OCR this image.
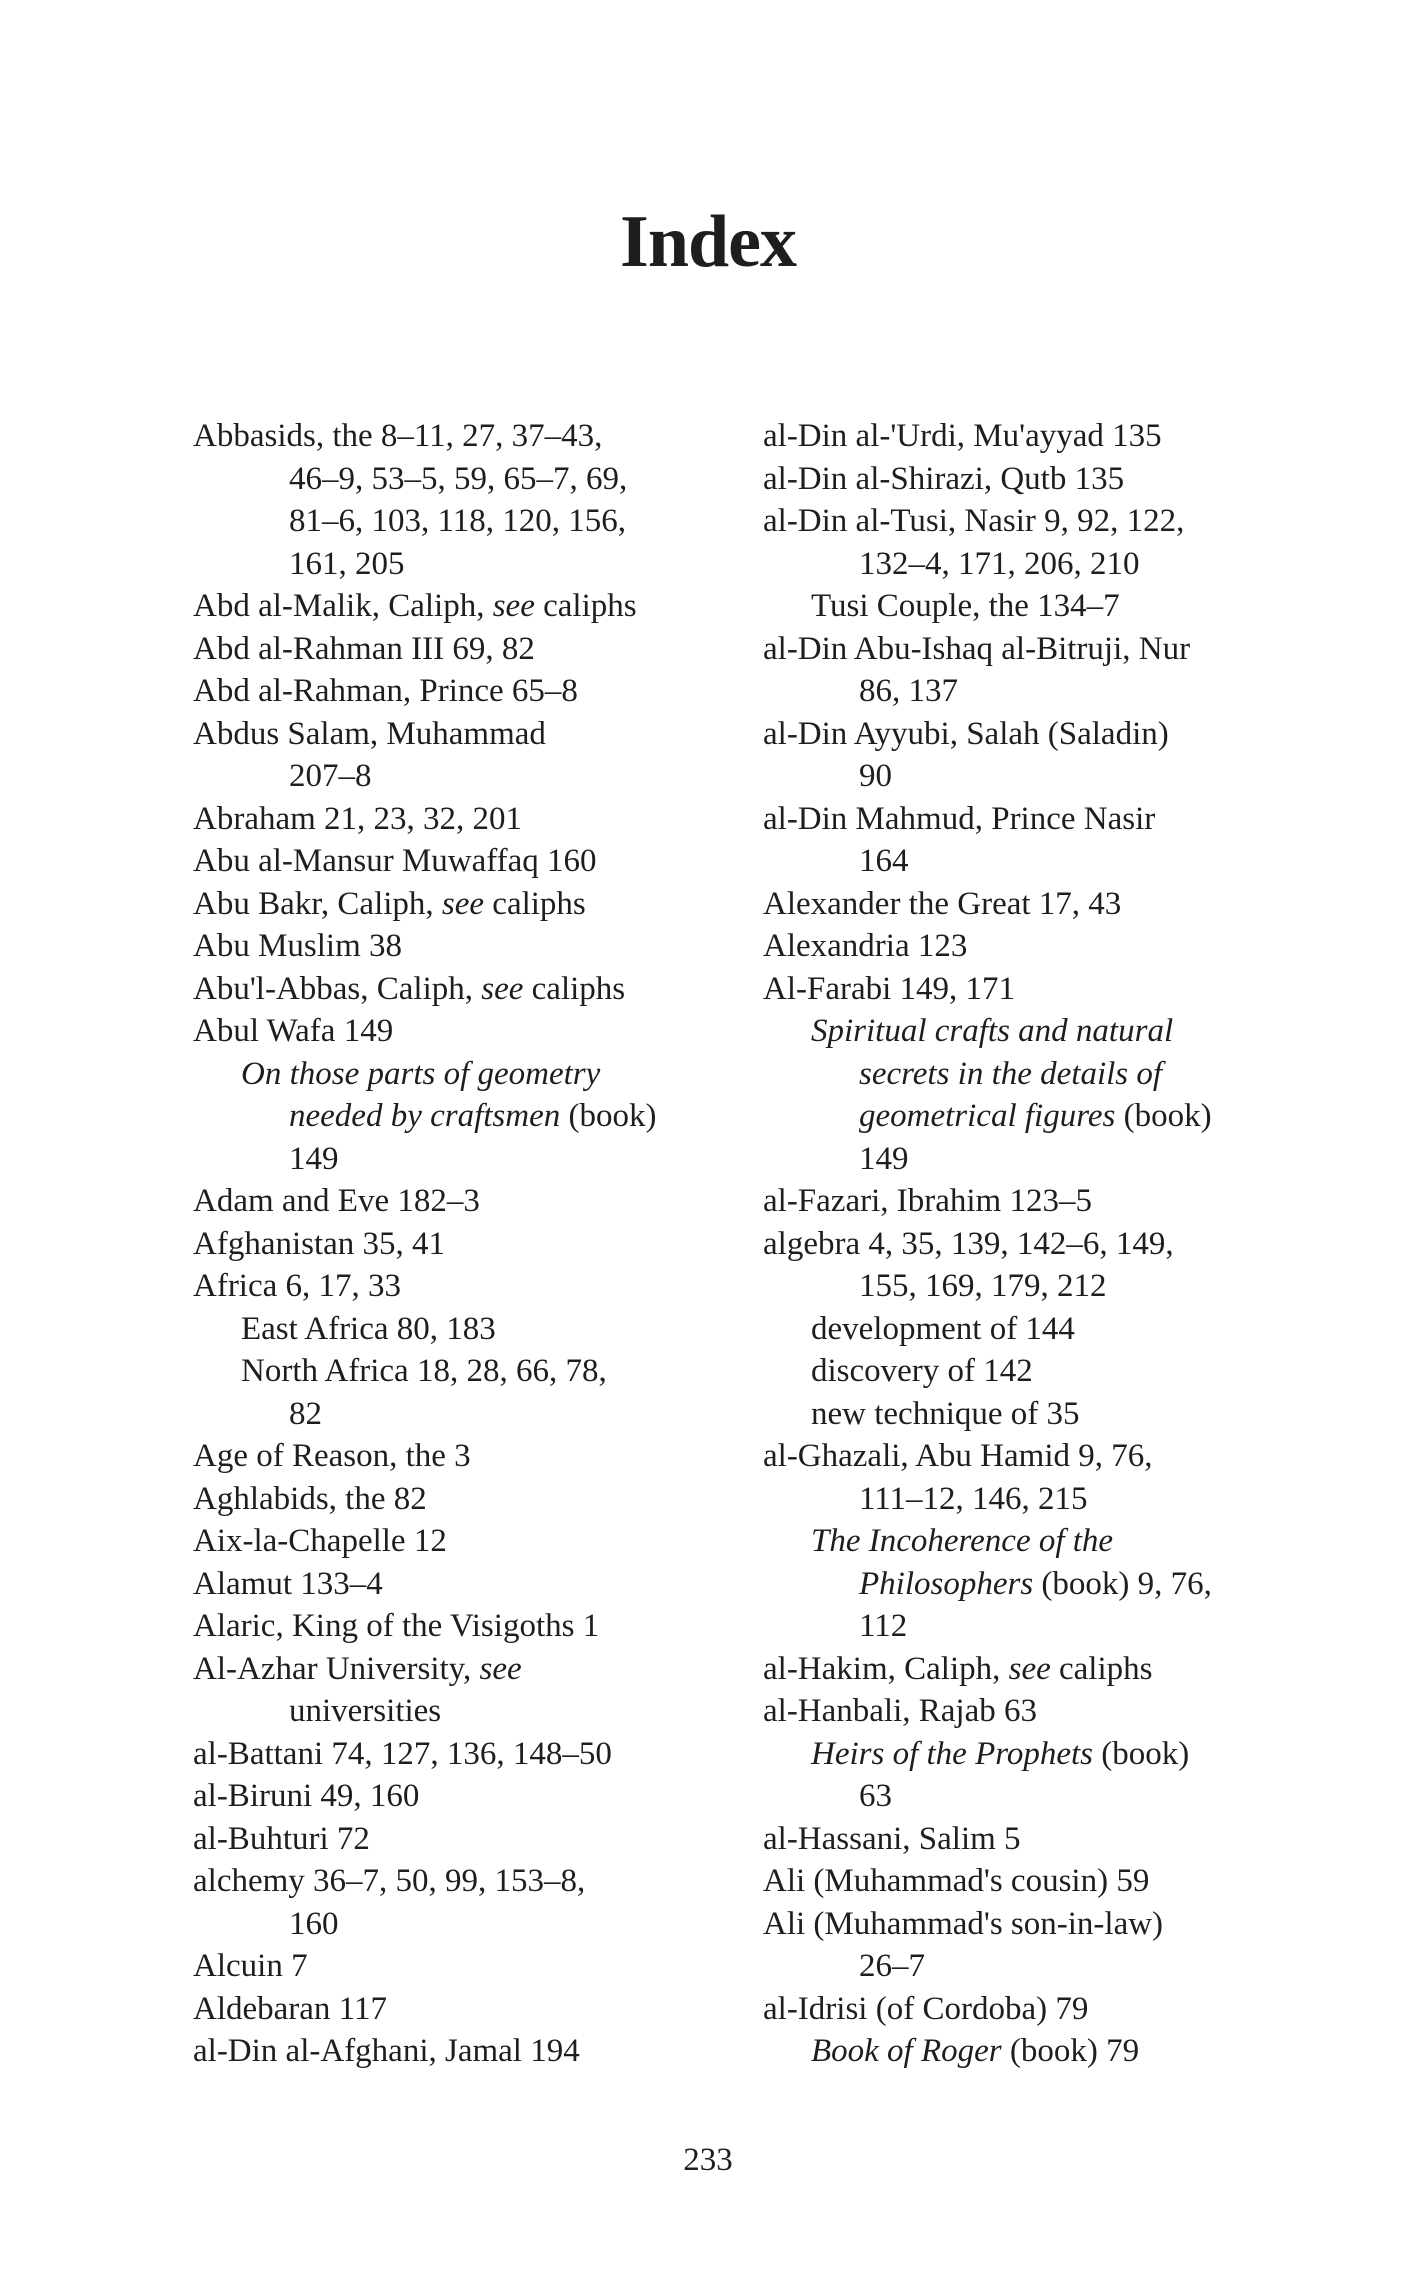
Index
Abbasids, the 8–11, 27, 37–43,
46–9, 53–5, 59, 65–7, 69,
81–6, 103, 118, 120, 156,
161, 205
Abd al-Malik, Caliph, see caliphs
Abd al-Rahman III 69, 82
Abd al-Rahman, Prince 65–8
Abdus Salam, Muhammad
207–8
Abraham 21, 23, 32, 201
Abu al-Mansur Muwaffaq 160
Abu Bakr, Caliph, see caliphs
Abu Muslim 38
Abu'l-Abbas, Caliph, see caliphs
Abul Wafa 149
On those parts of geometry
needed by craftsmen (book)
149
Adam and Eve 182–3
Afghanistan 35, 41
Africa 6, 17, 33
East Africa 80, 183
North Africa 18, 28, 66, 78,
82
Age of Reason, the 3
Aghlabids, the 82
Aix-la-Chapelle 12
Alamut 133–4
Alaric, King of the Visigoths 1
Al-Azhar University, see
universities
al-Battani 74, 127, 136, 148–50
al-Biruni 49, 160
al-Buhturi 72
alchemy 36–7, 50, 99, 153–8,
160
Alcuin 7
Aldebaran 117
al-Din al-Afghani, Jamal 194
al-Din al-'Urdi, Mu'ayyad 135
al-Din al-Shirazi, Qutb 135
al-Din al-Tusi, Nasir 9, 92, 122,
132–4, 171, 206, 210
Tusi Couple, the 134–7
al-Din Abu-Ishaq al-Bitruji, Nur
86, 137
al-Din Ayyubi, Salah (Saladin)
90
al-Din Mahmud, Prince Nasir
164
Alexander the Great 17, 43
Alexandria 123
Al-Farabi 149, 171
Spiritual crafts and natural
secrets in the details of
geometrical figures (book)
149
al-Fazari, Ibrahim 123–5
algebra 4, 35, 139, 142–6, 149,
155, 169, 179, 212
development of 144
discovery of 142
new technique of 35
al-Ghazali, Abu Hamid 9, 76,
111–12, 146, 215
The Incoherence of the
Philosophers (book) 9, 76,
112
al-Hakim, Caliph, see caliphs
al-Hanbali, Rajab 63
Heirs of the Prophets (book)
63
al-Hassani, Salim 5
Ali (Muhammad's cousin) 59
Ali (Muhammad's son-in-law)
26–7
al-Idrisi (of Cordoba) 79
Book of Roger (book) 79
233
